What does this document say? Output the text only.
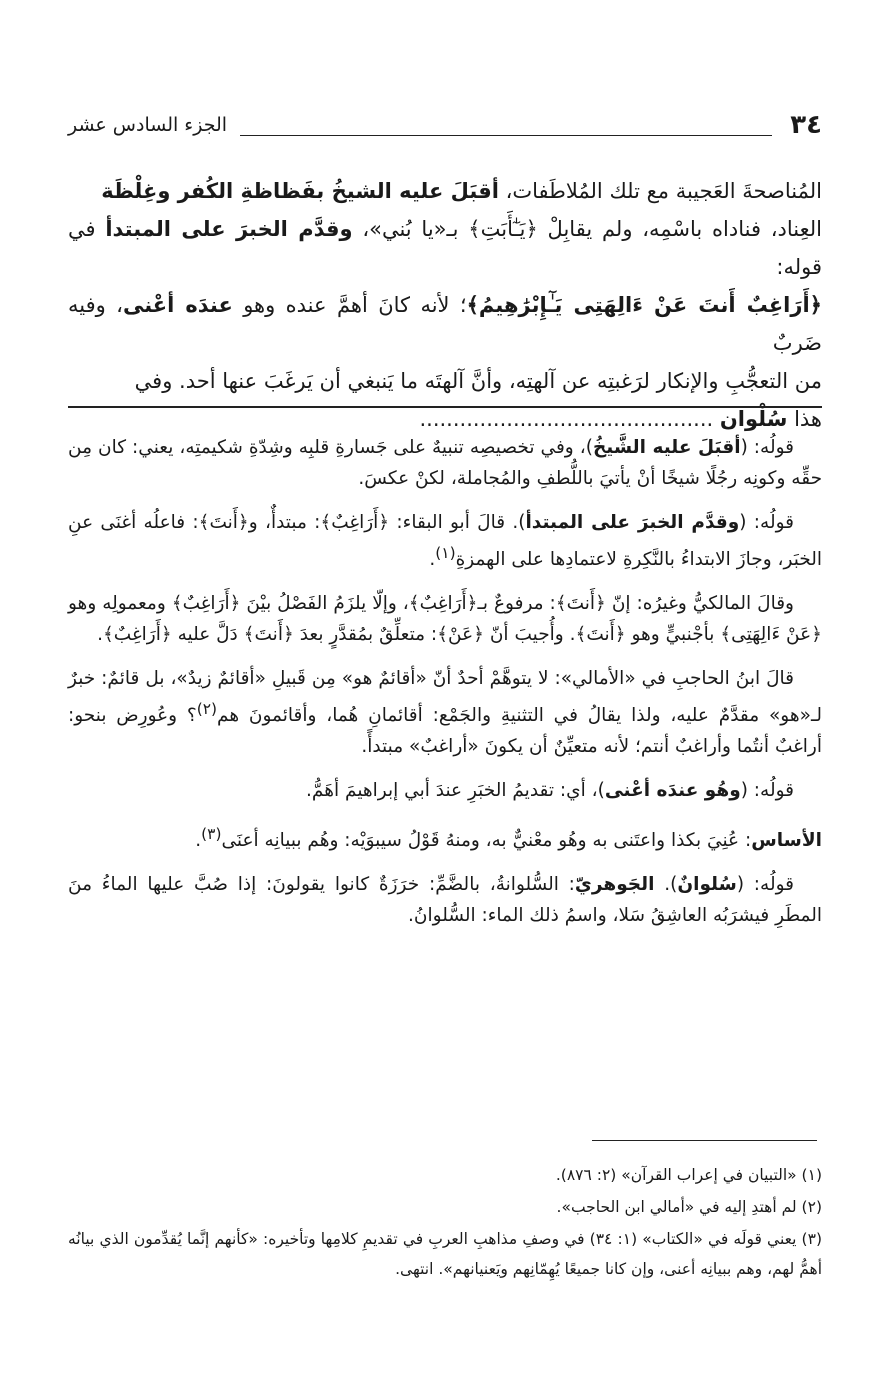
٣٤
الجزء السادس عشر

المُناصحةَ العَجيبة مع تلك المُلاطَفات، أقبَلَ عليه الشيخُ بفَظاظةِ الكُفر وغِلْظَة

العِناد، فناداه باسْمِه، ولم يقابِلْ ﴿يَـٰٓأَبَتِ﴾ بـ«يا بُني»، وقدَّم الخبرَ على المبتدأ في قوله:

﴿أَرَاغِبٌ أَنتَ عَنْ ءَالِهَتِى يَـٰٓإِبْرَٰهِيمُ﴾؛ لأنه كانَ أهمَّ عنده وهو عندَه أعْنى، وفيه ضَربٌ

من التعجُّبِ والإنكار لرَغبتِه عن آلهتِه، وأنَّ آلهتَه ما يَنبغي أن يَرغَبَ عنها أحد. وفي

هذا سُلْوان ............................................

قولُه: (أقبَلَ عليه الشَّيخُ)، وفي تخصيصِه تنبيهٌ على جَسارةِ قلبِه وشِدّةِ شكيمتِه، يعني: كان مِن حقِّه وكونِه رجُلًا شيخًا أنْ يأتيَ باللُّطفِ والمُجاملة، لكنْ عكسَ.

قولُه: (وقدَّم الخبرَ على المبتدأ). قالَ أبو البقاء: ﴿أَرَاغِبٌ﴾: مبتدأٌ، و﴿أَنتَ﴾: فاعلُه أغنَى عنِ الخبَر، وجازَ الابتداءُ بالنَّكِرةِ لاعتمادِها على الهمزةِ$^{(١)}$.

وقالَ المالكيُّ وغيرُه: إنّ ﴿أَنتَ﴾: مرفوعٌ بـ﴿أَرَاغِبٌ﴾، وإلّا يلزَمُ الفَصْلُ بيْنَ ﴿أَرَاغِبٌ﴾ ومعمولِه وهو ﴿عَنْ ءَالِهَتِى﴾ بأجْنبيٍّ وهو ﴿أَنتَ﴾. وأُجيبَ أنّ ﴿عَنْ﴾: متعلِّقٌ بمُقدَّرٍ بعدَ ﴿أَنتَ﴾ دَلَّ عليه ﴿أَرَاغِبٌ﴾.

قالَ ابنُ الحاجبِ في «الأمالي»: لا يتوهَّمْ أحدٌ أنّ «أقائمٌ هو» مِن قَبيلِ «أقائمٌ زيدٌ»، بل قائمٌ: خبرٌ لـ«هو» مقدَّمٌ عليه، ولذا يقالُ في التثنيةِ والجَمْع: أقائمانِ هُما، وأقائمونَ هم$^{(٢)}$؟ وعُورِض بنحو: أراغبٌ أنتُما وأراغبٌ أنتم؛ لأنه متعيِّنٌ أن يكونَ «أراغبٌ» مبتدأً.

قولُه: (وهُو عندَه أعْنى)، أي: تقديمُ الخبَرِ عندَ أبي إبراهيمَ أهَمُّ.

الأساس: عُنِيَ بكذا واعتَنى به وهُو معْنيٌّ به، ومنهُ قَوْلُ سيبوَيْه: وهُم ببيانِه أعنَى$^{(٣)}$.

قولُه: (سُلوانٌ). الجَوهريّ: السُّلوانةُ، بالضَّمِّ: خرَزَةٌ كانوا يقولونَ: إذا صُبَّ عليها الماءُ منَ المطَرِ فيشرَبُه العاشِقُ سَلا، واسمُ ذلك الماء: السُّلوانُ.

(١) «التبيان في إعراب القرآن» (٢: ٨٧٦).

(٢) لم أهتدِ إليه في «أمالي ابن الحاجب».

(٣) يعني قولَه في «الكتاب» (١: ٣٤) في وصفِ مذاهبِ العربِ في تقديمِ كلامِها وتأخيره: «كأنهم إنَّما يُقدِّمون الذي بيانُه أهمُّ لهم، وهم ببيانِه أعنى، وإن كانا جميعًا يُهِمّانِهم ويَعنيانهم». انتهى.
